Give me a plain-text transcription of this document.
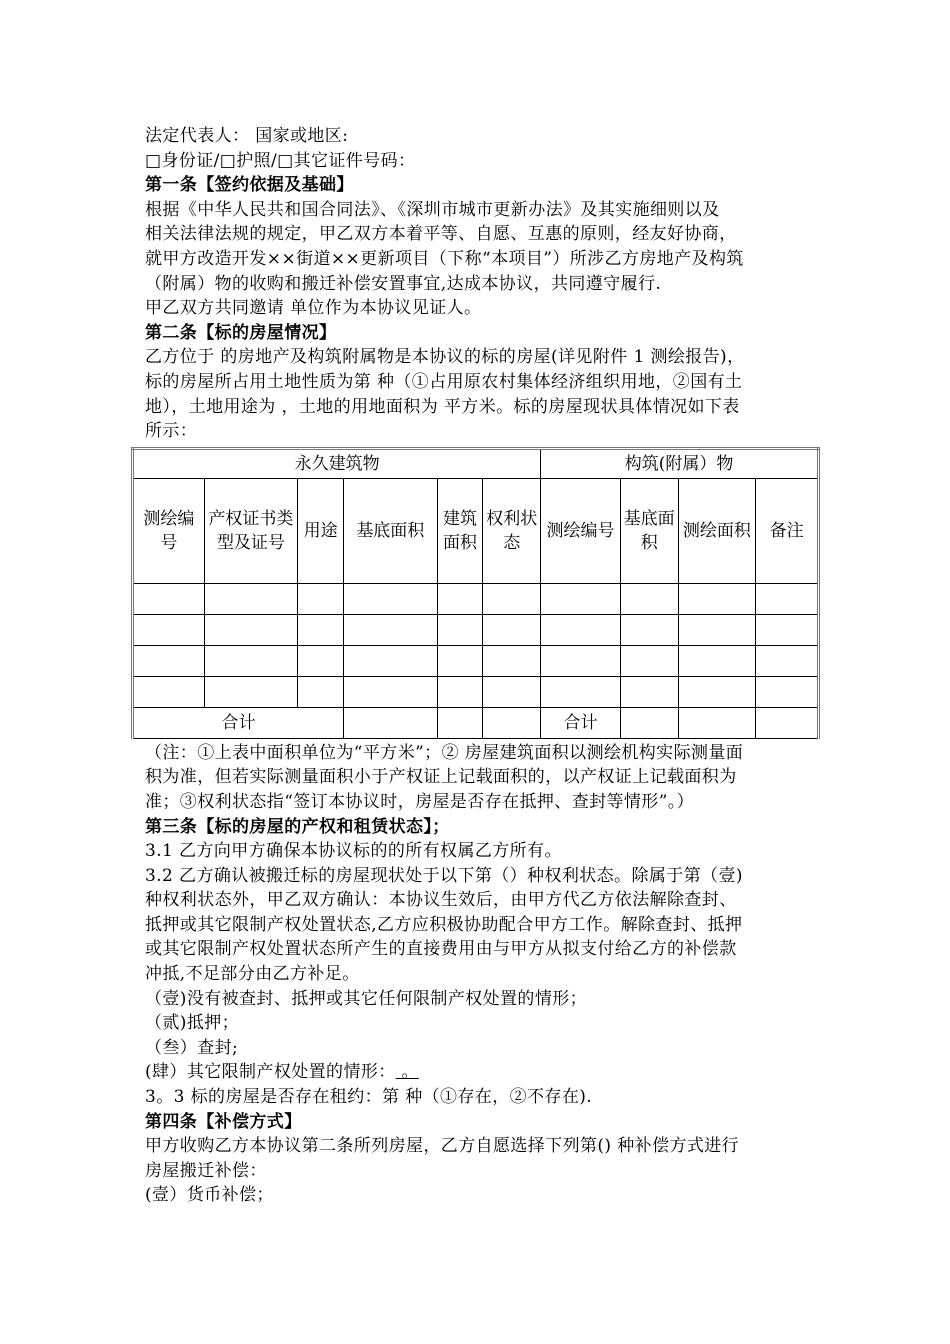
法定代表人： 国家或地区:
□身份证/□护照/□其它证件号码：
第一条【签约依据及基础】
根据《中华人民共和国合同法》、《深圳市城市更新办法》及其实施细则以及
相关法律法规的规定，甲乙双方本着平等、自愿、互惠的原则，经友好协商，
就甲方改造开发××街道××更新项目（下称“本项目”）所涉乙方房地产及构筑
（附属）物的收购和搬迁补偿安置事宜,达成本协议，共同遵守履行.
甲乙双方共同邀请 单位作为本协议见证人。
第二条【标的房屋情况】
乙方位于 的房地产及构筑附属物是本协议的标的房屋(详见附件 1 测绘报告)，
标的房屋所占用土地性质为第 种（①占用原农村集体经济组织用地，②国有土
地），土地用途为 ，土地的用地面积为 平方米。标的房屋现状具体情况如下表
所示：
永久建筑物						构筑(附属）物			
测绘编号	产权证书类型及证号	用途	基底面积	建筑面积	权利状态	测绘编号	基底面积	测绘面积	备注

合计						合计			
（注：①上表中面积单位为“平方米”；② 房屋建筑面积以测绘机构实际测量面
积为准，但若实际测量面积小于产权证上记载面积的，以产权证上记载面积为
准；③权利状态指“签订本协议时，房屋是否存在抵押、查封等情形”。）
第三条【标的房屋的产权和租赁状态】；
3.1 乙方向甲方确保本协议标的的所有权属乙方所有。
3.2 乙方确认被搬迁标的房屋现状处于以下第（）种权利状态。除属于第（壹)
种权利状态外，甲乙双方确认：本协议生效后，由甲方代乙方依法解除查封、
抵押或其它限制产权处置状态,乙方应积极协助配合甲方工作。解除查封、抵押
或其它限制产权处置状态所产生的直接费用由与甲方从拟支付给乙方的补偿款
冲抵,不足部分由乙方补足。
（壹)没有被查封、抵押或其它任何限制产权处置的情形；
（贰)抵押；
（叁）查封;
(肆）其它限制产权处置的情形： 。
3。3 标的房屋是否存在租约：第 种（①存在，②不存在).
第四条【补偿方式】
甲方收购乙方本协议第二条所列房屋，乙方自愿选择下列第() 种补偿方式进行
房屋搬迁补偿：
(壹）货币补偿；
